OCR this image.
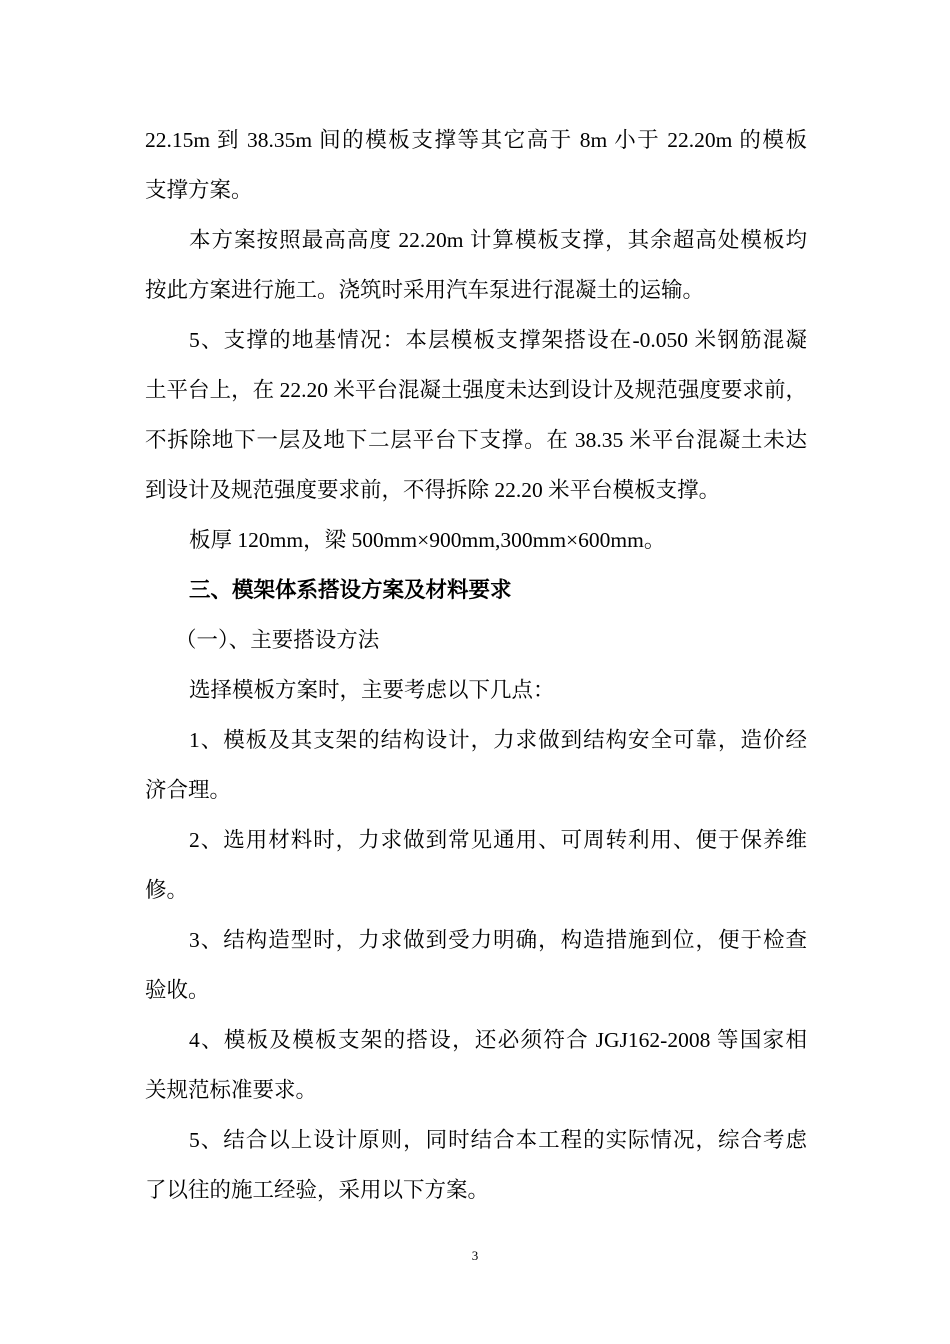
22.15m 到 38.35m 间的模板支撑等其它高于 8m 小于 22.20m 的模板
支撑方案。
本方案按照最高高度 22.20m 计算模板支撑，其余超高处模板均
按此方案进行施工。浇筑时采用汽车泵进行混凝土的运输。
5、支撑的地基情况：本层模板支撑架搭设在-0.050 米钢筋混凝
土平台上，在 22.20 米平台混凝土强度未达到设计及规范强度要求前，
不拆除地下一层及地下二层平台下支撑。在 38.35 米平台混凝土未达
到设计及规范强度要求前，不得拆除 22.20 米平台模板支撑。
板厚 120mm，梁 500mm×900mm,300mm×600mm。
三、模架体系搭设方案及材料要求
（一）、主要搭设方法
选择模板方案时，主要考虑以下几点：
1、模板及其支架的结构设计，力求做到结构安全可靠，造价经
济合理。
2、选用材料时，力求做到常见通用、可周转利用、便于保养维
修。
3、结构造型时，力求做到受力明确，构造措施到位，便于检查
验收。
4、模板及模板支架的搭设，还必须符合 JGJ162-2008 等国家相
关规范标准要求。
5、结合以上设计原则，同时结合本工程的实际情况，综合考虑
了以往的施工经验，采用以下方案。
3
